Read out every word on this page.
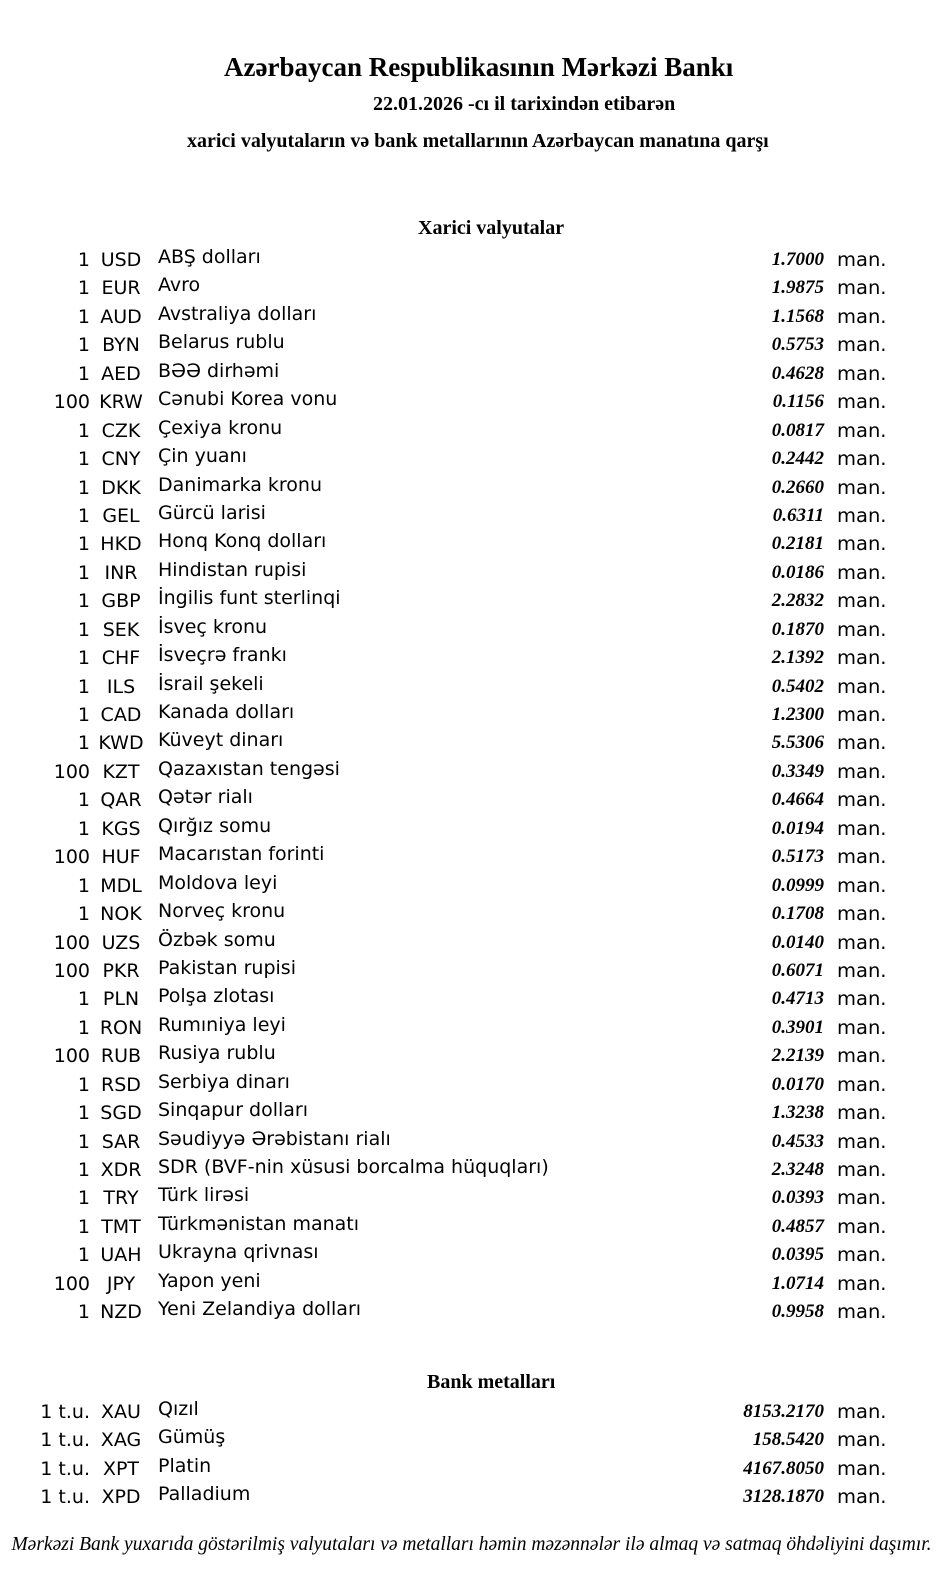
Azərbaycan Respublikasının Mərkəzi Bankı
22.01.2026 -cı il tarixindən etibarən
xarici valyutaların və bank metallarının Azərbaycan manatına qarşı
Xarici valyutalar
1 USD ABŞ dolları	1.7000 man.
1 EUR Avro	1.9875 man.
1 AUD Avstraliya dolları	1.1568 man.
1 BYN Belarus rublu	0.5753 man.
1 AED BƏƏ dirhəmi	0.4628 man.
100 KRW Cənubi Korea vonu	0.1156 man.
1 CZK Çexiya kronu	0.0817 man.
1 CNY Çin yuanı	0.2442 man.
1 DKK Danimarka kronu	0.2660 man.
1 GEL Gürcü larisi	0.6311 man.
1 HKD Honq Konq dolları	0.2181 man.
1 INR	Hindistan rupisi	0.0186 man.
1 GBP İngilis funt sterlinqi	2.2832 man.
1 SEK İsveç kronu	0.1870 man.
1 CHF İsveçrə frankı	2.1392 man.
1 ILS	İsrail şekeli	0.5402 man.
1 CAD Kanada dolları	1.2300 man.
1 KWD Küveyt dinarı	5.5306 man.
100 KZT Qazaxıstan tengəsi	0.3349 man.
1 QAR Qətər rialı	0.4664 man.
1 KGS Qırğız somu	0.0194 man.
100 HUF Macarıstan forinti	0.5173 man.
1 MDL Moldova leyi	0.0999 man.
1 NOK Norveç kronu	0.1708 man.
100 UZS Özbək somu	0.0140 man.
100 PKR Pakistan rupisi	0.6071 man.
1 PLN Polşa zlotası	0.4713 man.
1 RON Rumıniya leyi	0.3901 man.
100 RUB Rusiya rublu	2.2139 man.
1 RSD Serbiya dinarı	0.0170 man.
1 SGD Sinqapur dolları	1.3238 man.
1 SAR Səudiyyə Ərəbistanı rialı	0.4533 man.
1 XDR SDR (BVF-nin xüsusi borcalma hüquqları)	2.3248 man.
1 TRY	Türk lirəsi	0.0393 man.
1 TMT Türkmənistan manatı	0.4857 man.
1 UAH Ukrayna qrivnası	0.0395 man.
100 JPY	Yapon yeni	1.0714 man.
1 NZD Yeni Zelandiya dolları	0.9958 man.
Bank metalları
1 t.u. XAU Qızıl	8153.2170 man.
1 t.u. XAG Gümüş	158.5420 man.
1 t.u. XPT Platin	4167.8050 man.
1 t.u. XPD Palladium	3128.1870 man.
Mərkəzi Bank yuxarıda göstərilmiş valyutaları və metalları həmin məzənnələr ilə almaq və satmaq öhdəliyini daşımır.
